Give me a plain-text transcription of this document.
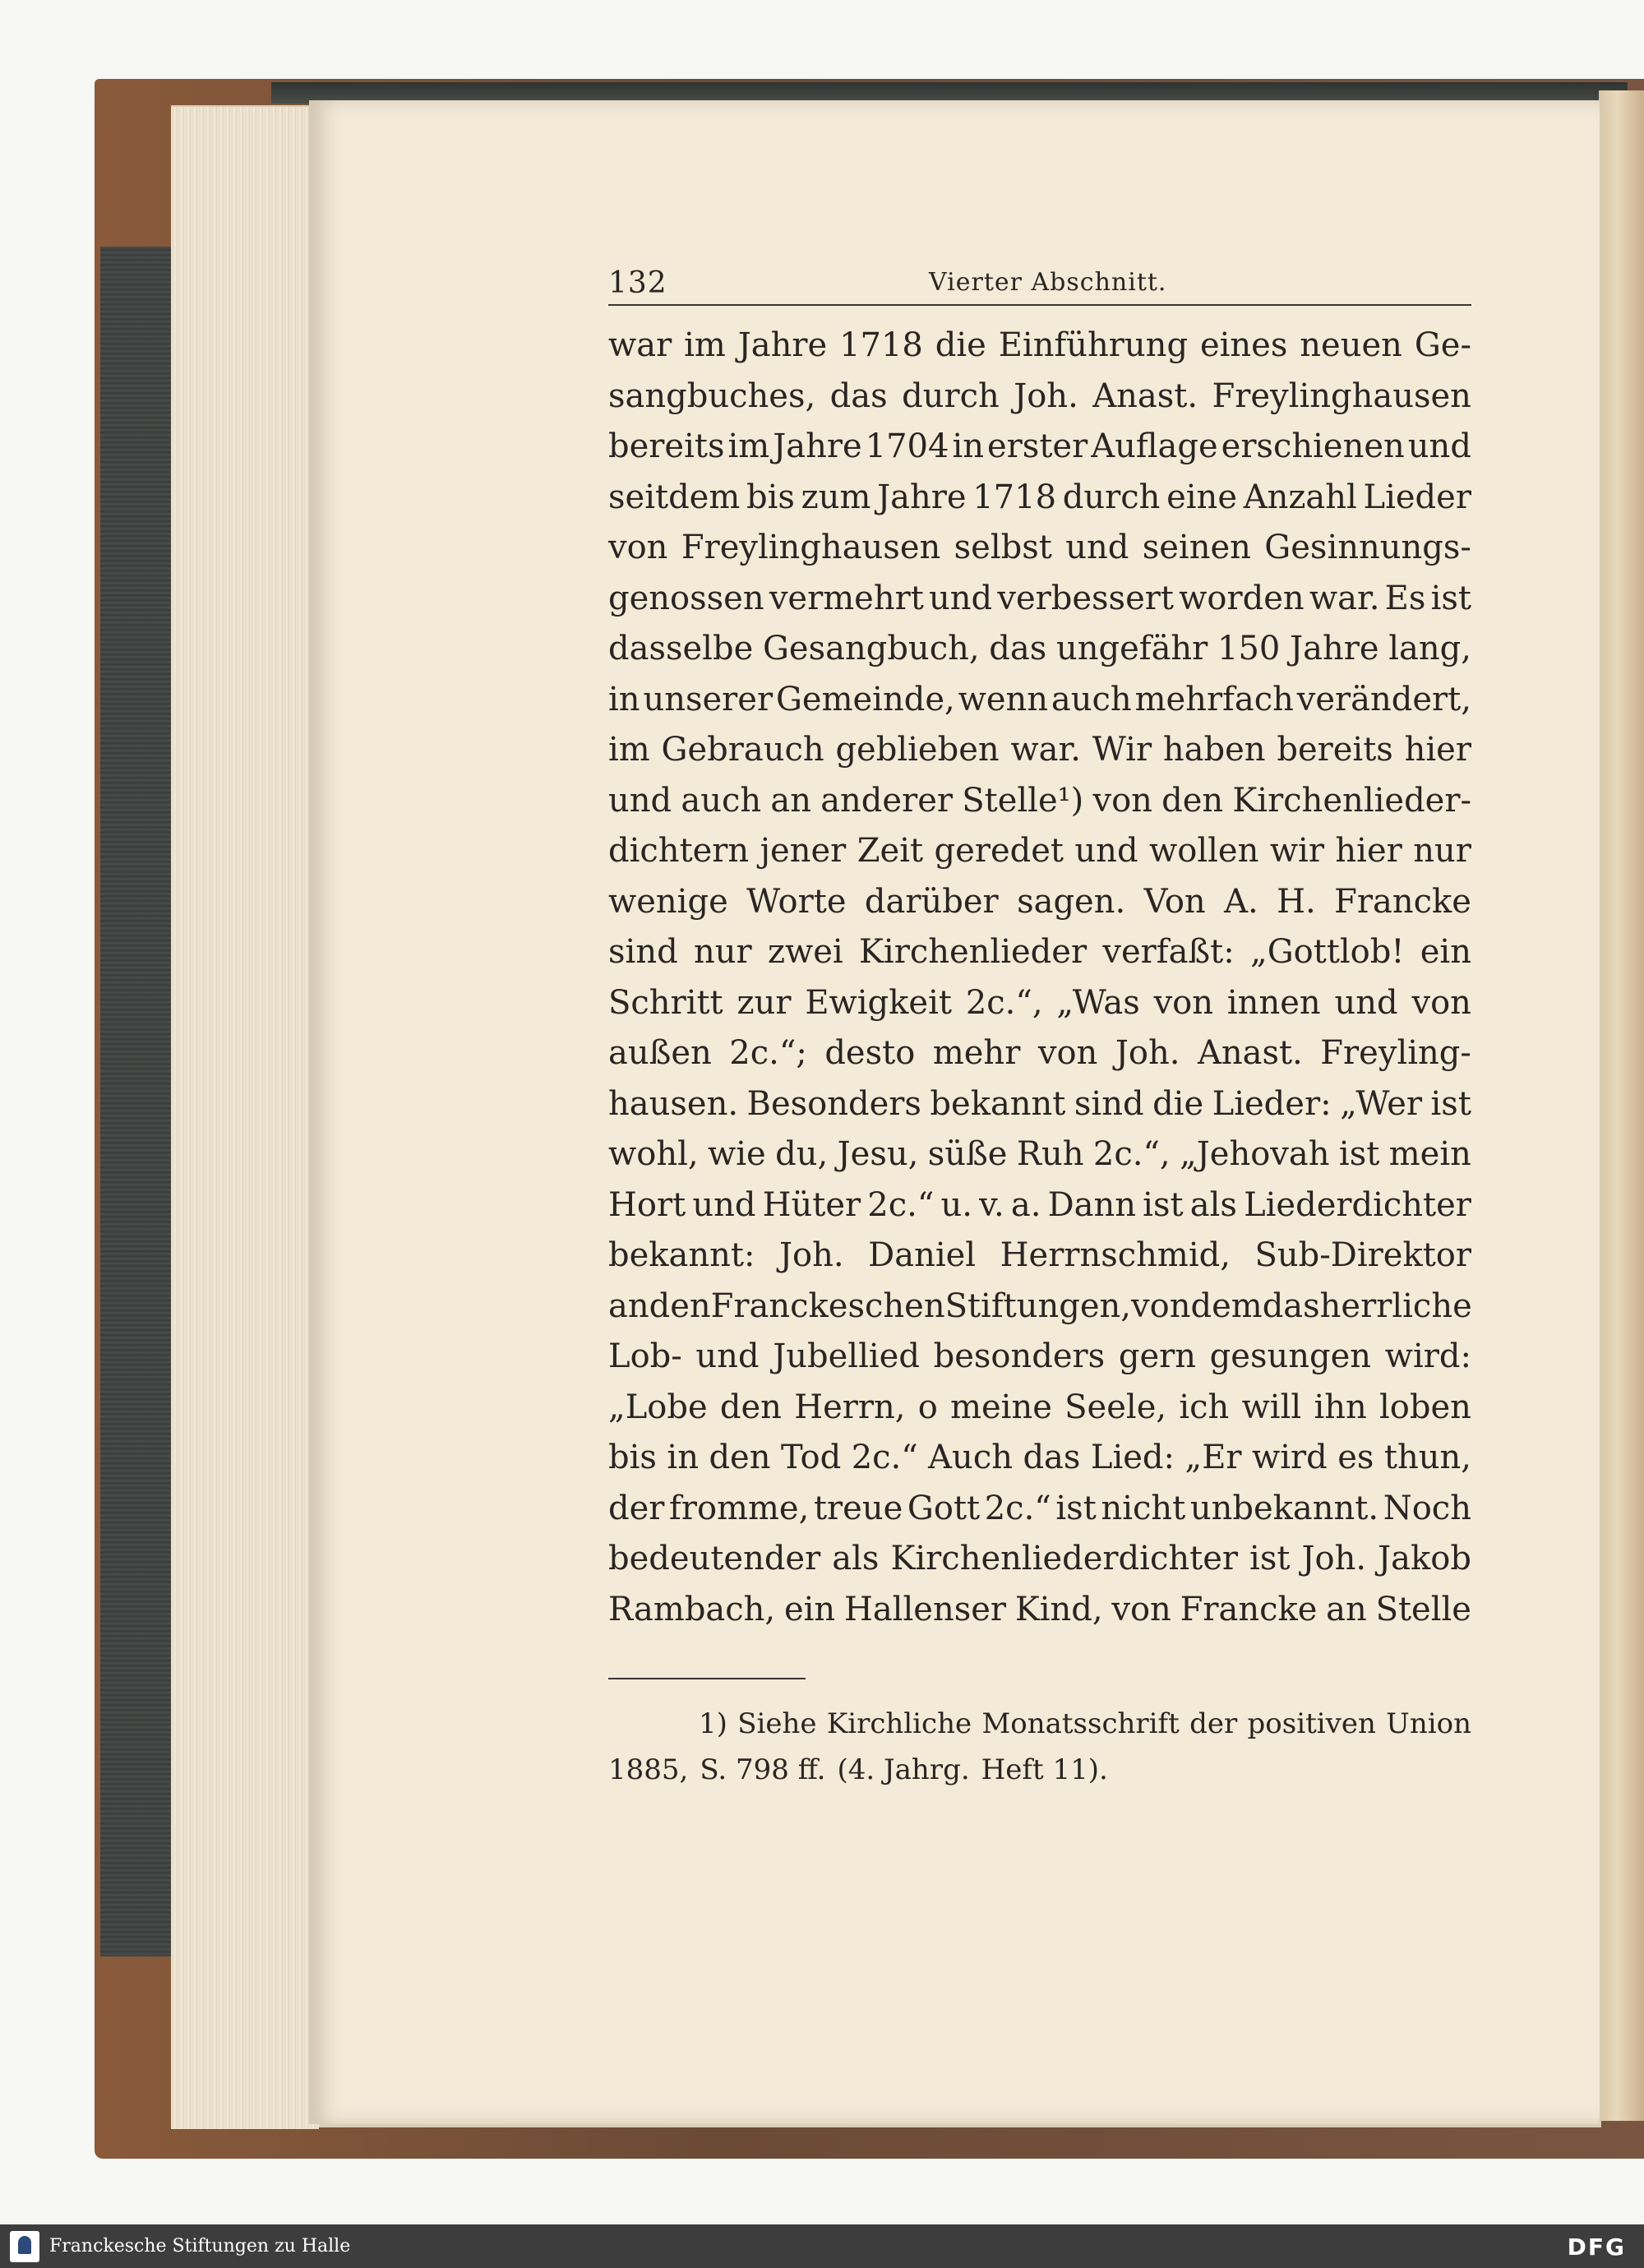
132	Vierter Abschnitt.
war im Jahre 1718 die Einführung eines neuen Ge-
sangbuches, das durch Joh. Anast. Freylinghausen
bereits im Jahre 1704 in erster Auflage erschienen und
seitdem bis zum Jahre 1718 durch eine Anzahl Lieder
von Freylinghausen selbst und seinen Gesinnungs-
genossen vermehrt und verbessert worden war. Es ist
dasselbe Gesangbuch, das ungefähr 150 Jahre lang,
in unserer Gemeinde, wenn auch mehrfach verändert,
im Gebrauch geblieben war. Wir haben bereits hier
und auch an anderer Stelle¹) von den Kirchenlieder-
dichtern jener Zeit geredet und wollen wir hier nur
wenige Worte darüber sagen. Von A. H. Francke
sind nur zwei Kirchenlieder verfaßt: „Gottlob! ein
Schritt zur Ewigkeit 2c.“, „Was von innen und von
außen 2c.“; desto mehr von Joh. Anast. Freyling-
hausen. Besonders bekannt sind die Lieder: „Wer ist
wohl, wie du, Jesu, süße Ruh 2c.“, „Jehovah ist mein
Hort und Hüter 2c.“ u. v. a. Dann ist als Liederdichter
bekannt: Joh. Daniel Herrnschmid, Sub-Direktor
an den Franckeschen Stiftungen, von dem das herrliche
Lob- und Jubellied besonders gern gesungen wird:
„Lobe den Herrn, o meine Seele, ich will ihn loben
bis in den Tod 2c.“ Auch das Lied: „Er wird es thun,
der fromme, treue Gott 2c.“ ist nicht unbekannt. Noch
bedeutender als Kirchenliederdichter ist Joh. Jakob
Rambach, ein Hallenser Kind, von Francke an Stelle
1) Siehe Kirchliche Monatsschrift der positiven Union
1885, S. 798 ff. (4. Jahrg. Heft 11).
Franckesche Stiftungen zu Halle	DFG
